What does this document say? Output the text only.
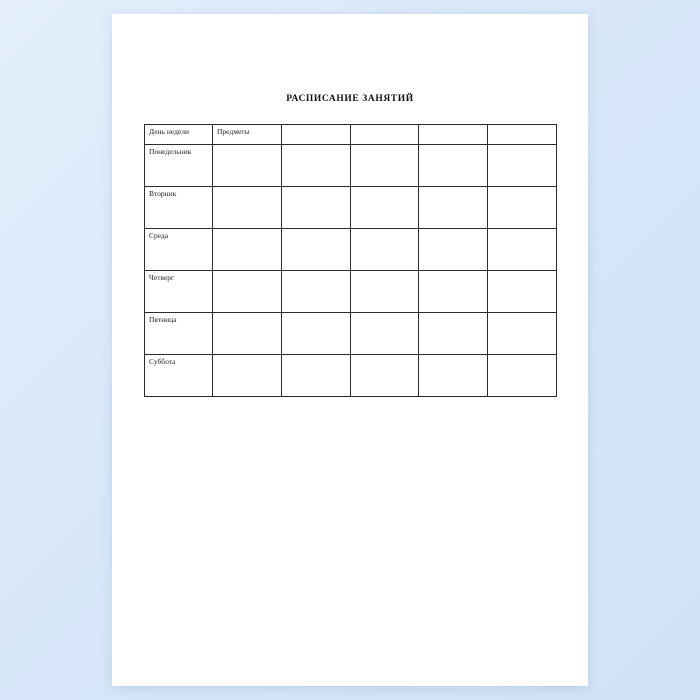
РАСПИСАНИЕ ЗАНЯТИЙ
День недели	Предметы				

Понедельник					

Вторник					

Среда					

Четверг					

Пятница					

Суббота					
